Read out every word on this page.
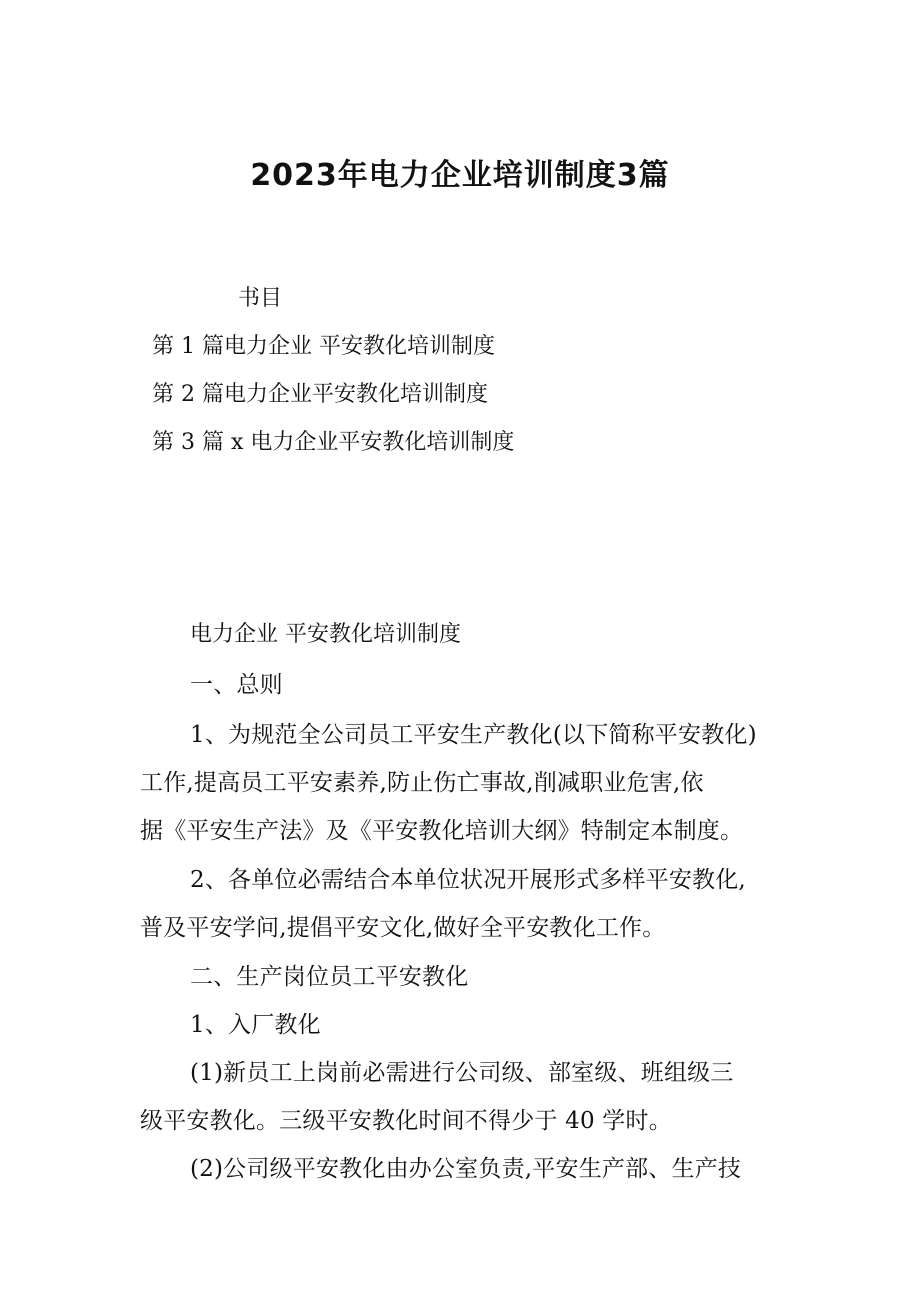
2023年电力企业培训制度3篇
书目
第 1 篇电力企业 平安教化培训制度
第 2 篇电力企业平安教化培训制度
第 3 篇 x 电力企业平安教化培训制度
电力企业 平安教化培训制度
一、总则
1、为规范全公司员工平安生产教化(以下简称平安教化)
工作,提高员工平安素养,防止伤亡事故,削减职业危害,依
据《平安生产法》及《平安教化培训大纲》特制定本制度。
2、各单位必需结合本单位状况开展形式多样平安教化,
普及平安学问,提倡平安文化,做好全平安教化工作。
二、生产岗位员工平安教化
1、入厂教化
(1)新员工上岗前必需进行公司级、部室级、班组级三
级平安教化。三级平安教化时间不得少于 40 学时。
(2)公司级平安教化由办公室负责,平安生产部、生产技
